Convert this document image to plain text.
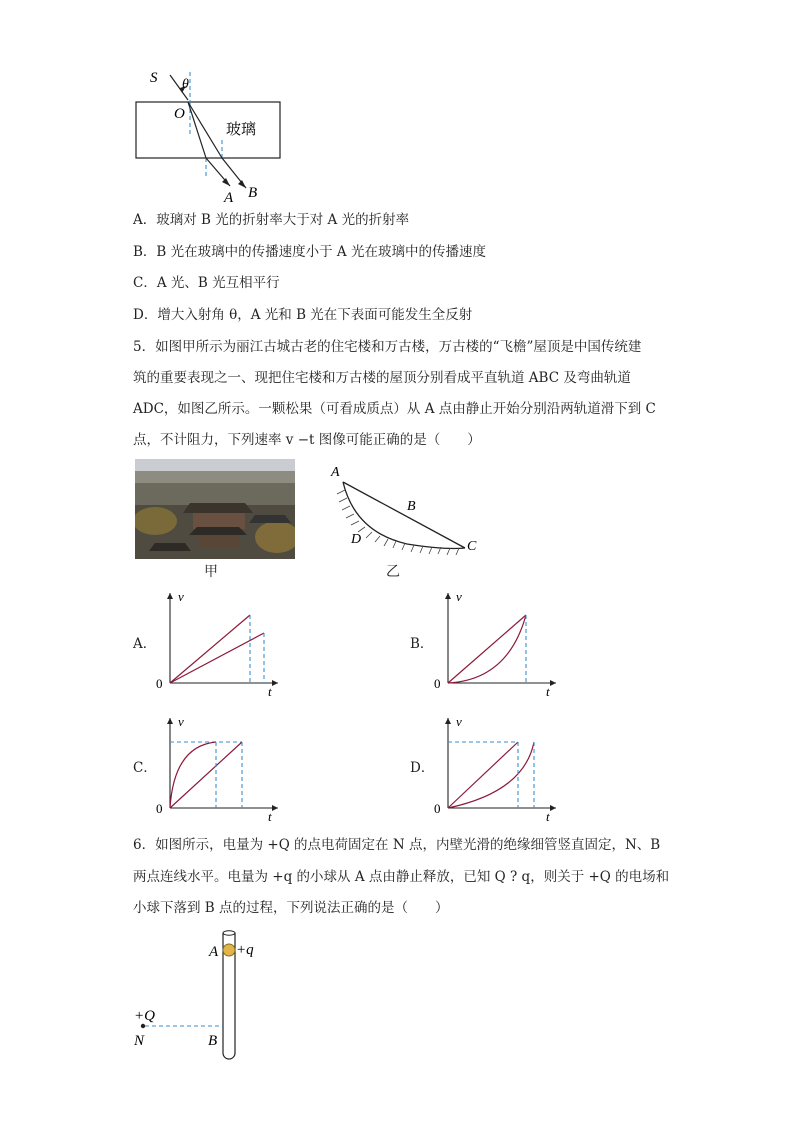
S θ
O
玻璃
A B
A．玻璃对 B 光的折射率大于对 A 光的折射率
B．B 光在玻璃中的传播速度小于 A 光在玻璃中的传播速度
C．A 光、B 光互相平行
D．增大入射角 θ，A 光和 B 光在下表面可能发生全反射
5．如图甲所示为丽江古城古老的住宅楼和万古楼，万古楼的“飞檐”屋顶是中国传统建
筑的重要表现之一、现把住宅楼和万古楼的屋顶分别看成平直轨道 ABC 及弯曲轨道
ADC，如图乙所示。一颗松果（可看成质点）从 A 点由静止开始分别沿两轨道滑下到 C
点，不计阻力，下列速率 v −t 图像可能正确的是（　　）
甲
A
B
C
D
乙
A．
v
t
0
B．
v
t
0
C．
v
t
0
D．
v
t
0
6．如图所示，电量为 +Q 的点电荷固定在 N 点，内壁光滑的绝缘细管竖直固定，N、B
两点连线水平。电量为 +q 的小球从 A 点由静止释放，已知 Q ? q，则关于 +Q 的电场和
小球下落到 B 点的过程，下列说法正确的是（　　）
A +q
+Q
N	B
